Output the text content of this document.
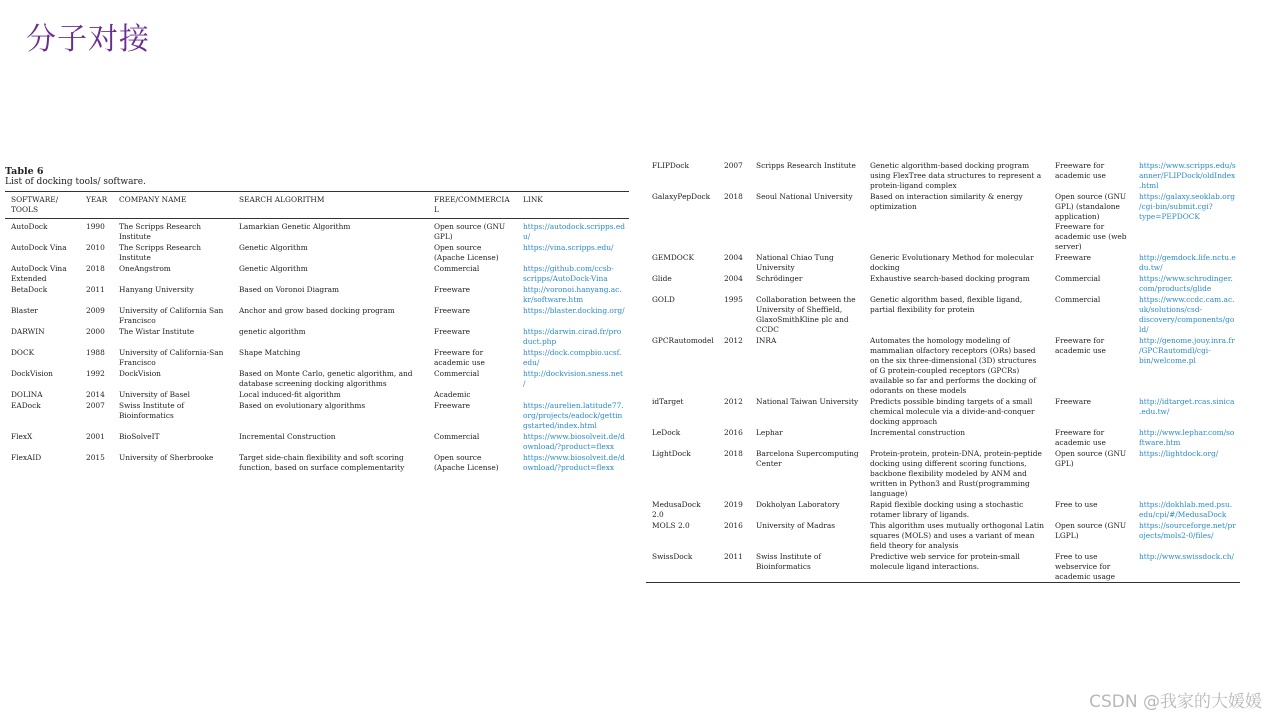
分子对接
Table 6
List of docking tools/ software.
SOFTWARE/ TOOLS	YEAR	COMPANY NAME	SEARCH ALGORITHM	FREE/COMMERCIAL	LINK
AutoDock	1990	The Scripps Research Institute	Lamarkian Genetic Algorithm	Open source (GNU GPL)	https://autodock.scripps.edu/
AutoDock Vina	2010	The Scripps Research Institute	Genetic Algorithm	Open source (Apache License)	https://vina.scripps.edu/
AutoDock Vina Extended	2018	OneAngstrom	Genetic Algorithm	Commercial	https://github.com/ccsb-scripps/AutoDock-Vina
BetaDock	2011	Hanyang University	Based on Voronoi Diagram	Freeware	http://voronoi.hanyang.ac.kr/software.htm
Blaster	2009	University of California San Francisco	Anchor and grow based docking program	Freeware	https://blaster.docking.org/
DARWIN	2000	The Wistar Institute	genetic algorithm	Freeware	https://darwin.cirad.fr/product.php
DOCK	1988	University of California-San Francisco	Shape Matching	Freeware for academic use	https://dock.compbio.ucsf.edu/
DockVision	1992	DockVision	Based on Monte Carlo, genetic algorithm, and database screening docking algorithms	Commercial	http://dockvision.sness.net/
DOLINA	2014	University of Basel	Local induced-fit algorithm	Academic	
EADock	2007	Swiss Institute of Bioinformatics	Based on evolutionary algorithms	Freeware	https://aurelien.latitude77.org/projects/eadock/gettingstarted/index.html
FlexX	2001	BioSolveIT	Incremental Construction	Commercial	https://www.biosolveit.de/download/?product=flexx
FlexAID	2015	University of Sherbrooke	Target side-chain flexibility and soft scoring function, based on surface complementarity	Open source (Apache License)	https://www.biosolveit.de/download/?product=flexx
FLIPDock	2007	Scripps Research Institute	Genetic algorithm-based docking program using FlexTree data structures to represent a protein-ligand complex	Freeware for academic use	https://www.scripps.edu/sanner/FLIPDock/oldIndex.html
GalaxyPepDock	2018	Seoul National University	Based on interaction similarity & energy optimization	Open source (GNU GPL) (standalone application) Freeware for academic use (web server)	https://galaxy.seoklab.org/cgi-bin/submit.cgi?type=PEPDOCK
GEMDOCK	2004	National Chiao Tung University	Generic Evolutionary Method for molecular docking	Freeware	http://gemdock.life.nctu.edu.tw/
Glide	2004	Schrödinger	Exhaustive search-based docking program	Commercial	https://www.schrodinger.com/products/glide
GOLD	1995	Collaboration between the University of Sheffield, GlaxoSmithKline plc and CCDC	Genetic algorithm based, flexible ligand, partial flexibility for protein	Commercial	https://www.ccdc.cam.ac.uk/solutions/csd-discovery/components/gold/
GPCRautomodel	2012	INRA	Automates the homology modeling of mammalian olfactory receptors (ORs) based on the six three-dimensional (3D) structures of G protein-coupled receptors (GPCRs) available so far and performs the docking of odorants on these models	Freeware for academic use	http://genome.jouy.inra.fr/GPCRautomdl/cgi-bin/welcome.pl
idTarget	2012	National Taiwan University	Predicts possible binding targets of a small chemical molecule via a divide-and-conquer docking approach	Freeware	http://idtarget.rcas.sinica.edu.tw/
LeDock	2016	Lephar	Incremental construction	Freeware for academic use	http://www.lephar.com/software.htm
LightDock	2018	Barcelona Supercomputing Center	Protein-protein, protein-DNA, protein-peptide docking using different scoring functions, backbone flexibility modeled by ANM and written in Python3 and Rust(programming language)	Open source (GNU GPL)	https://lightdock.org/
MedusaDock 2.0	2019	Dokholyan Laboratory	Rapid flexible docking using a stochastic rotamer library of ligands.	Free to use	https://dokhlab.med.psu.edu/cpi/#/MedusaDock
MOLS 2.0	2016	University of Madras	This algorithm uses mutually orthogonal Latin squares (MOLS) and uses a variant of mean field theory for analysis	Open source (GNU LGPL)	https://sourceforge.net/projects/mols2-0/files/
SwissDock	2011	Swiss Institute of Bioinformatics	Predictive web service for protein-small molecule ligand interactions.	Free to use webservice for academic usage	http://www.swissdock.ch/
CSDN @我家的大媛媛
